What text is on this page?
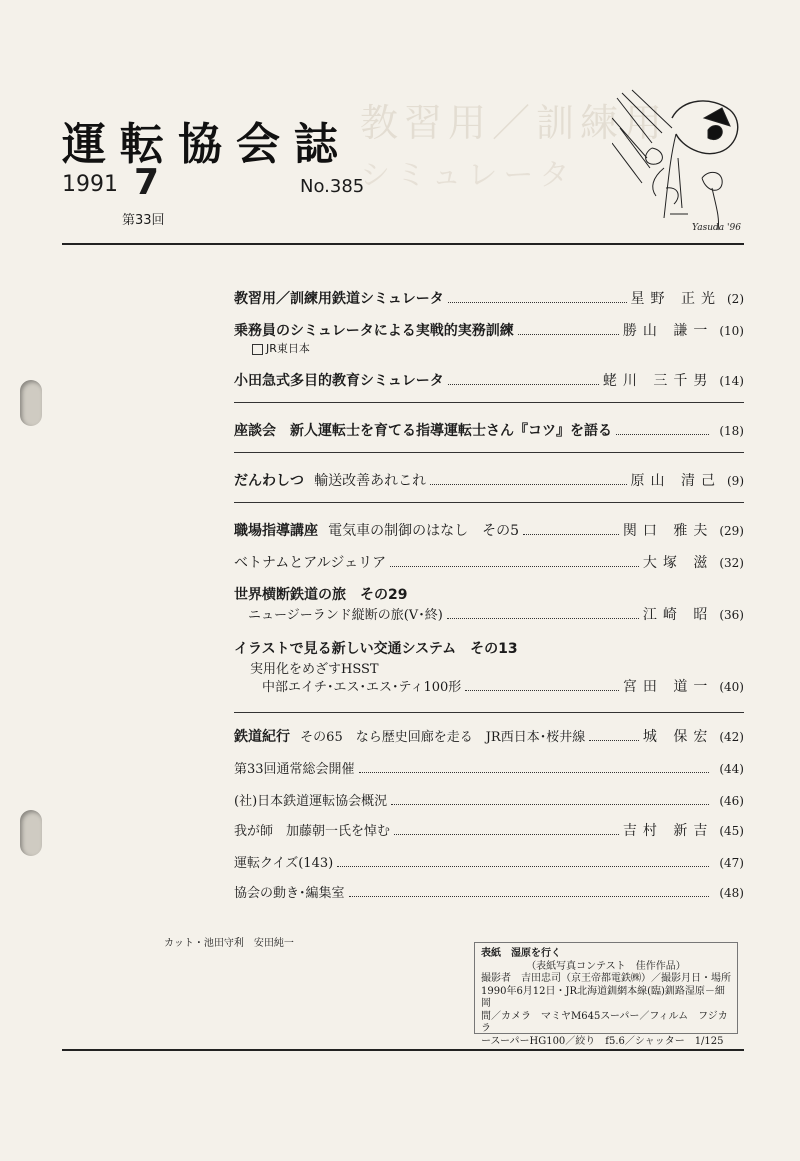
教習用／訓練用
シミュレータ
運転協会誌
1991 7	No.385
第33回	Yasuda '96
教習用／訓練用鉄道シミュレータ	星野 正光 (2)
乗務員のシミュレータによる実戦的実務訓練	勝山 謙一 (10)
JR東日本
小田急式多目的教育シミュレータ	蛯川 三千男 (14)
座談会　新人運転士を育てる指導運転士さん『コツ』を語る	(18)
だんわしつ
輸送改善あれこれ	原山 清己 (9)
職場指導講座
電気車の制御のはなし　その5	関口 雅夫 (29)
ベトナムとアルジェリア	大塚 滋 (32)
世界横断鉄道の旅　その29
ニュージーランド縦断の旅(V･終)	江崎 昭 (36)
イラストで見る新しい交通システム　その13
実用化をめざすHSST
中部エイチ･エス･エス･ティ100形	宮田 道一 (40)
鉄道紀行
その65　なら歴史回廊を走る　JR西日本･桜井線	城 保宏 (42)
第33回通常総会開催	(44)
(社)日本鉄道運転協会概況	(46)
我が師　加藤朝一氏を悼む	吉村 新吉 (45)
運転クイズ(143)	(47)
協会の動き･編集室	(48)
カット・池田守利　安田純一
表紙　湿原を行く
（表紙写真コンテスト　佳作作品）
撮影者　吉田忠司（京王帝都電鉄㈱）／撮影月日・場所
1990年6月12日・JR北海道釧網本線(臨)釧路湿原－細岡
間／カメラ　マミヤM645スーパー／フィルム　フジカラ
ースーパーHG100／絞り　f5.6／シャッター　1/125
